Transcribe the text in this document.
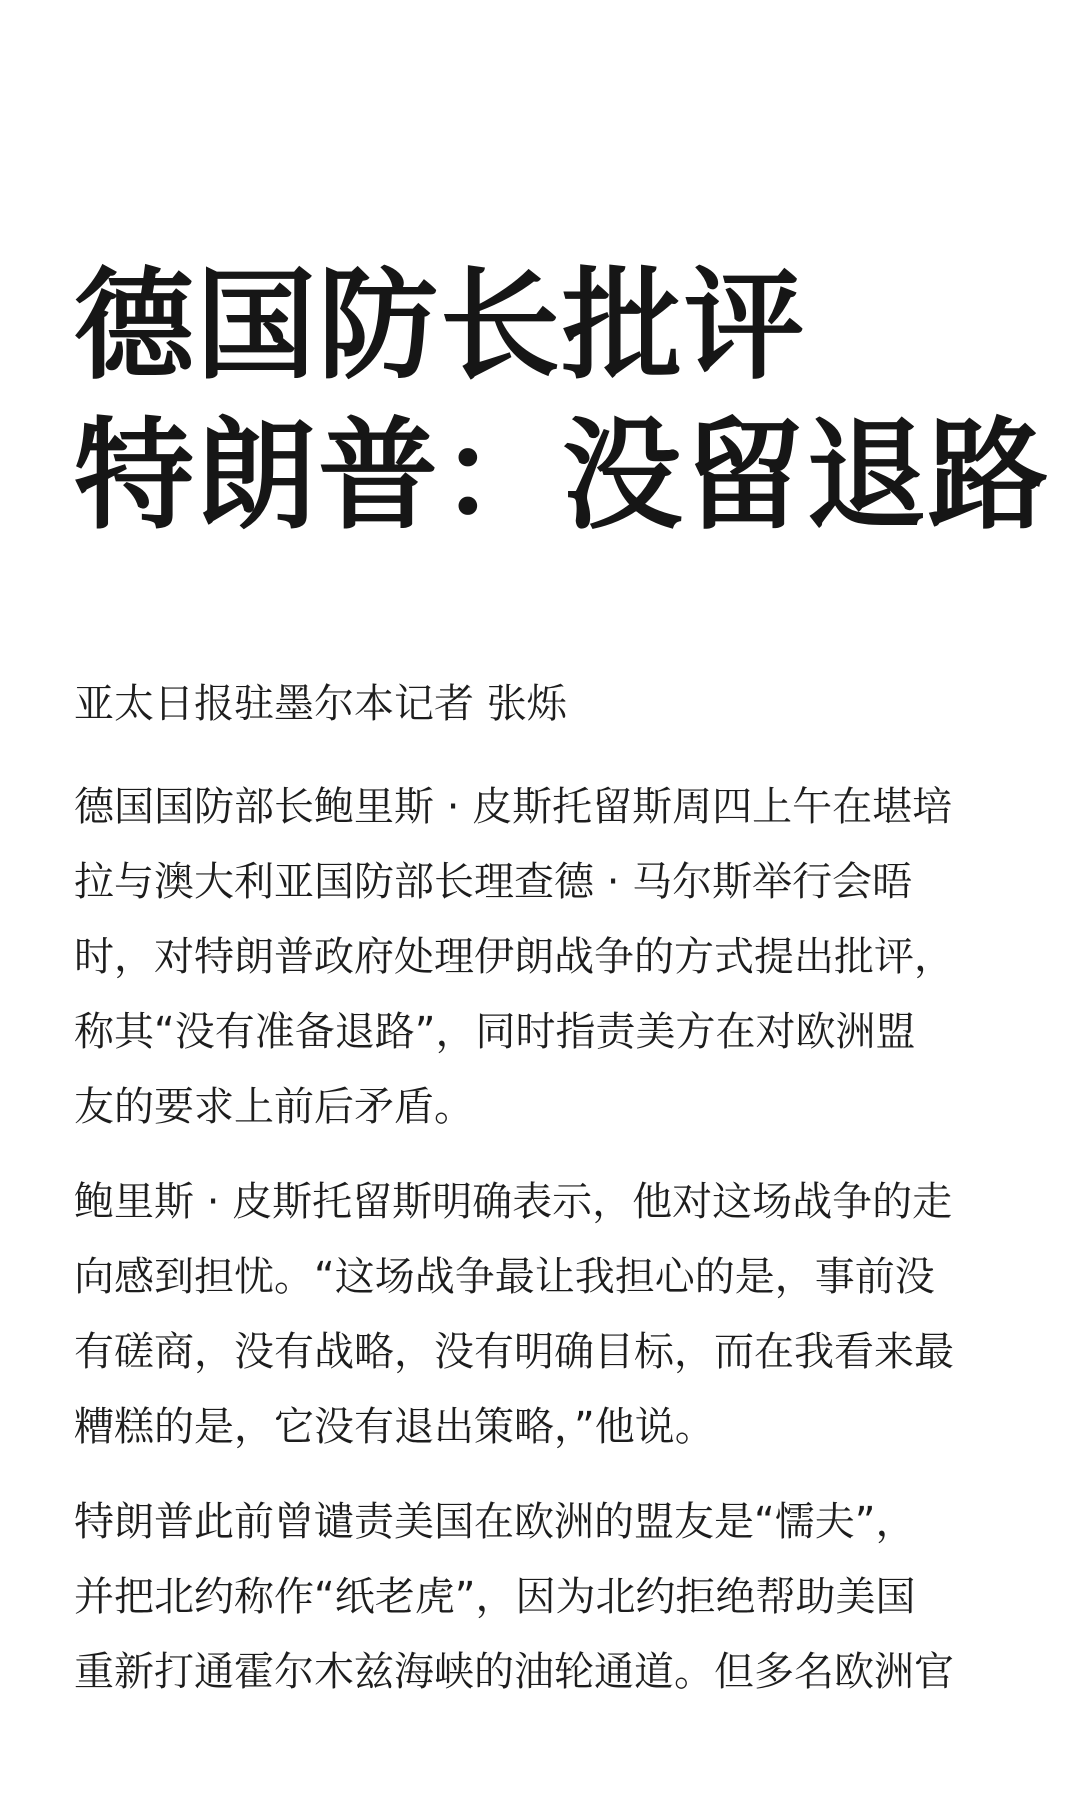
德国防长批评
特朗普：没留退路

亚太日报驻墨尔本记者 张烁

德国国防部长鲍里斯 · 皮斯托留斯周四上午在堪培
拉与澳大利亚国防部长理查德 · 马尔斯举行会晤
时，对特朗普政府处理伊朗战争的方式提出批评，
称其“没有准备退路”，同时指责美方在对欧洲盟
友的要求上前后矛盾。

鲍里斯 · 皮斯托留斯明确表示，他对这场战争的走
向感到担忧。“这场战争最让我担心的是，事前没
有磋商，没有战略，没有明确目标，而在我看来最
糟糕的是，它没有退出策略，”他说。

特朗普此前曾谴责美国在欧洲的盟友是“懦夫”，
并把北约称作“纸老虎”，因为北约拒绝帮助美国
重新打通霍尔木兹海峡的油轮通道。但多名欧洲官
